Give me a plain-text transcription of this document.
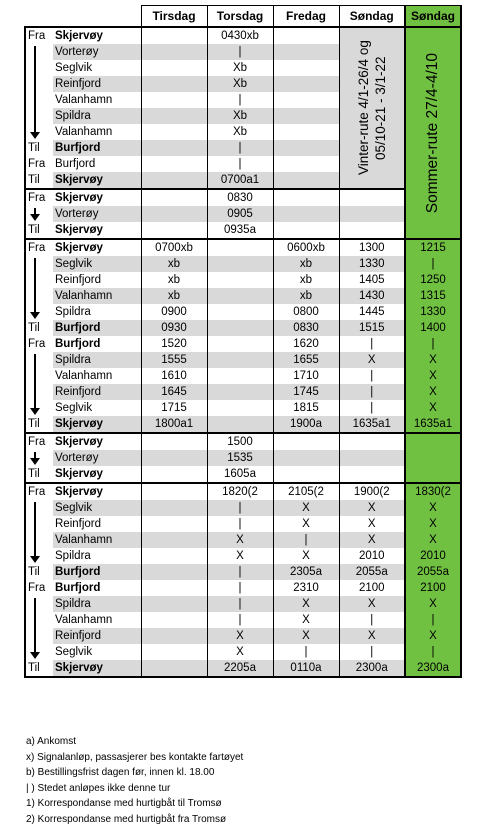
		Tirsdag	Torsdag	Fredag	Søndag	Søndag
Fra	Skjervøy		0430xb		Vinter-rute 4/1-26/4 og 05/10-21 - 3/1-22	Sommer-rute 27/4-4/10

	Vorterøy		|			
	Seglvik		Xb			
	Reinfjord		Xb			
	Valanhamn		|			
	Spildra		Xb			
	Valanhamn		Xb			
Til	Burfjord		|			
Fra	Burfjord		|			
Til	Skjervøy		0700a1			
Fra	Skjervøy		0830			
	Vorterøy		0905			
Til	Skjervøy		0935a			
Fra	Skjervøy	0700xb		0600xb	1300	1215
	Seglvik	xb		xb	1330	|
	Reinfjord	xb		xb	1405	1250
	Valanhamn	xb		xb	1430	1315
	Spildra	0900		0800	1445	1330
Til	Burfjord	0930		0830	1515	1400
Fra	Burfjord	1520		1620	|	|
	Spildra	1555		1655	X	X
	Valanhamn	1610		1710	|	X
	Reinfjord	1645		1745	|	X
	Seglvik	1715		1815	|	X
Til	Skjervøy	1800a1		1900a	1635a1	1635a1
Fra	Skjervøy		1500			
	Vorterøy		1535			
Til	Skjervøy		1605a			
Fra	Skjervøy		1820(2	2105(2	1900(2	1830(2
	Seglvik		|	X	X	X
	Reinfjord		|	X	X	X
	Valanhamn		X	|	X	X
	Spildra		X	X	2010	2010
Til	Burfjord		|	2305a	2055a	2055a
Fra	Burfjord		|	2310	2100	2100
	Spildra		|	X	X	X
	Valanhamn		|	X	|	|
	Reinfjord		X	X	X	X
	Seglvik		X	|	|	|
Til	Skjervøy		2205a	0110a	2300a	2300a
a) Ankomst
x) Signalanløp, passasjerer bes kontakte fartøyet
b) Bestillingsfrist dagen før, innen kl. 18.00
| ) Stedet anløpes ikke denne tur
1) Korrespondanse med hurtigbåt til Tromsø
2) Korrespondanse med hurtigbåt fra Tromsø
